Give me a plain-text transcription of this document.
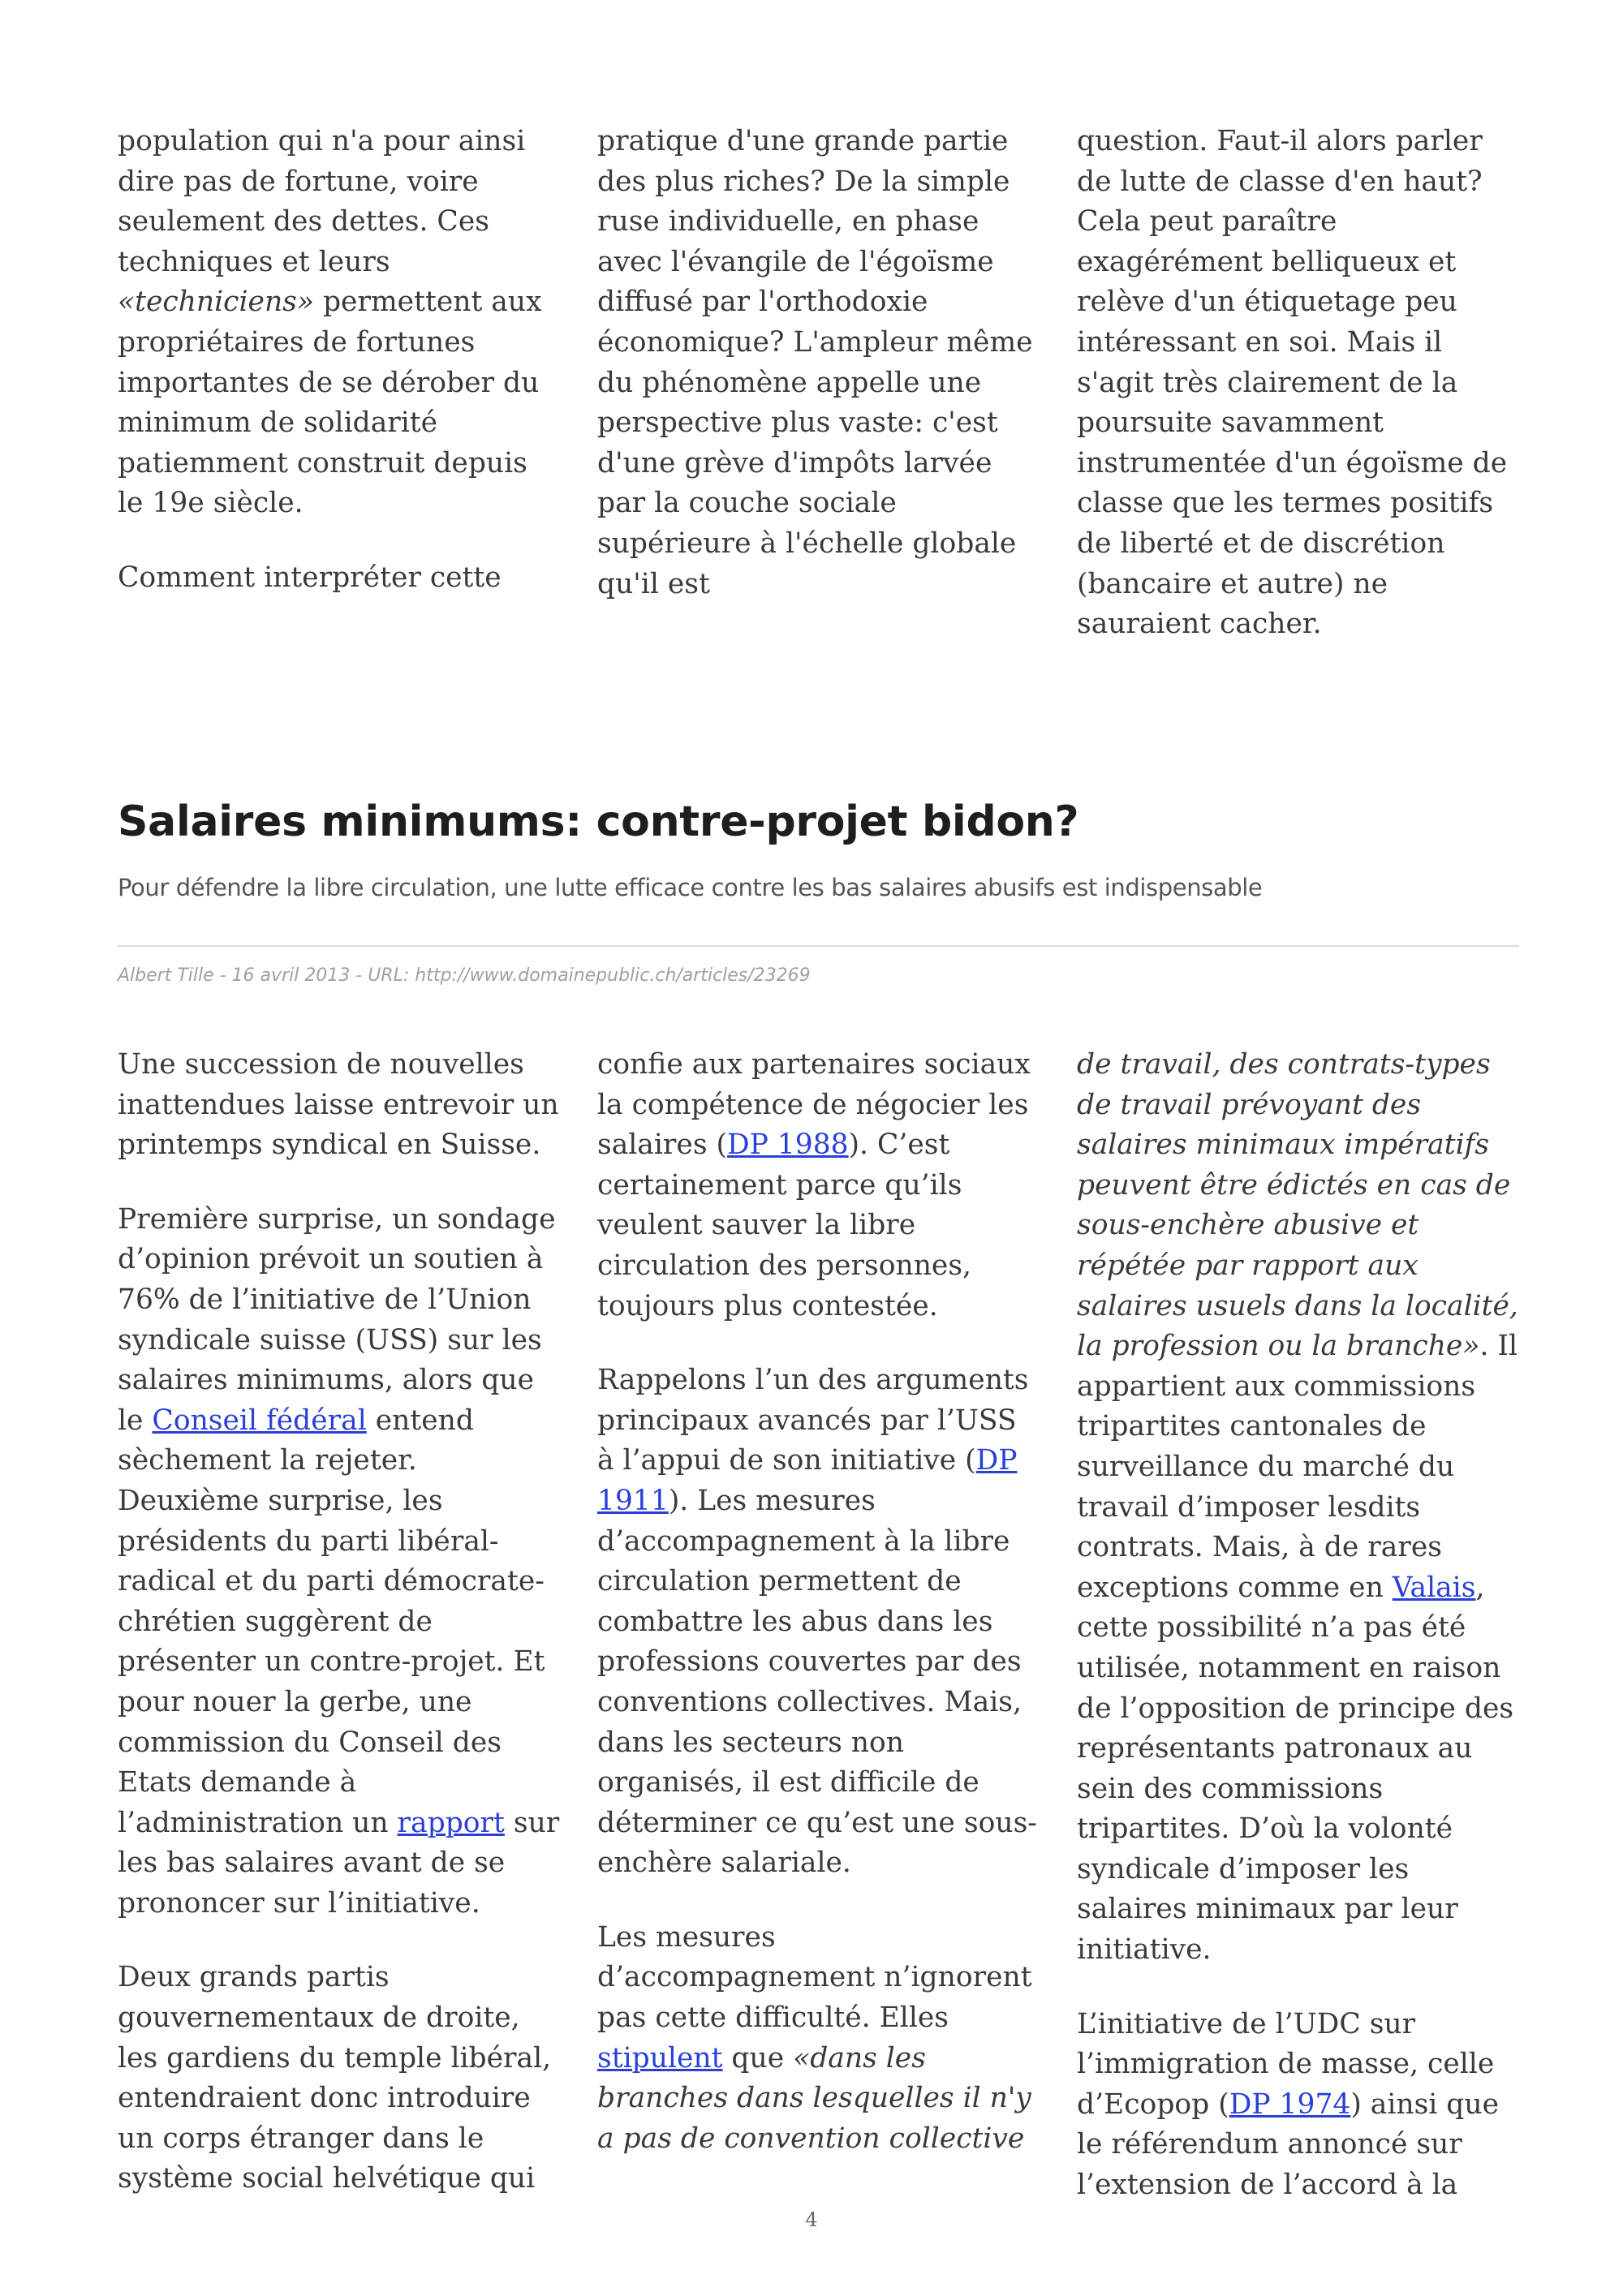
population qui n'a pour ainsi dire pas de fortune, voire seulement des dettes. Ces techniques et leurs «techniciens» permettent aux propriétaires de fortunes importantes de se dérober du minimum de solidarité patiemment construit depuis le 19e siècle.

Comment interpréter cette

pratique d'une grande partie des plus riches? De la simple ruse individuelle, en phase avec l'évangile de l'égoïsme diffusé par l'orthodoxie économique? L'ampleur même du phénomène appelle une perspective plus vaste: c'est d'une grève d'impôts larvée par la couche sociale supérieure à l'échelle globale qu'il est

question. Faut-il alors parler de lutte de classe d'en haut? Cela peut paraître exagérément belliqueux et relève d'un étiquetage peu intéressant en soi. Mais il s'agit très clairement de la poursuite savamment instrumentée d'un égoïsme de classe que les termes positifs de liberté et de discrétion (bancaire et autre) ne sauraient cacher.

Salaires minimums: contre-projet bidon?

Pour défendre la libre circulation, une lutte efficace contre les bas salaires abusifs est indispensable

Albert Tille - 16 avril 2013 - URL: http://www.domainepublic.ch/articles/23269

Une succession de nouvelles inattendues laisse entrevoir un printemps syndical en Suisse.

Première surprise, un sondage d’opinion prévoit un soutien à 76% de l’initiative de l’Union syndicale suisse (USS) sur les salaires minimums, alors que le Conseil fédéral entend sèchement la rejeter. Deuxième surprise, les présidents du parti libéral-radical et du parti démocrate-chrétien suggèrent de présenter un contre-projet. Et pour nouer la gerbe, une commission du Conseil des Etats demande à l’administration un rapport sur les bas salaires avant de se prononcer sur l’initiative.

Deux grands partis gouvernementaux de droite, les gardiens du temple libéral, entendraient donc introduire un corps étranger dans le système social helvétique qui

confie aux partenaires sociaux la compétence de négocier les salaires (DP 1988). C’est certainement parce qu’ils veulent sauver la libre circulation des personnes, toujours plus contestée.

Rappelons l’un des arguments principaux avancés par l’USS à l’appui de son initiative (DP 1911). Les mesures d’accompagnement à la libre circulation permettent de combattre les abus dans les professions couvertes par des conventions collectives. Mais, dans les secteurs non organisés, il est difficile de déterminer ce qu’est une sous-enchère salariale.

Les mesures d’accompagnement n’ignorent pas cette difficulté. Elles stipulent que «dans les branches dans lesquelles il n'y a pas de convention collective

de travail, des contrats-types de travail prévoyant des salaires minimaux impératifs peuvent être édictés en cas de sous-enchère abusive et répétée par rapport aux salaires usuels dans la localité, la profession ou la branche». Il appartient aux commissions tripartites cantonales de surveillance du marché du travail d’imposer lesdits contrats. Mais, à de rares exceptions comme en Valais, cette possibilité n’a pas été utilisée, notamment en raison de l’opposition de principe des représentants patronaux au sein des commissions tripartites. D’où la volonté syndicale d’imposer les salaires minimaux par leur initiative.

L’initiative de l’UDC sur l’immigration de masse, celle d’Ecopop (DP 1974) ainsi que le référendum annoncé sur l’extension de l’accord à la

4
